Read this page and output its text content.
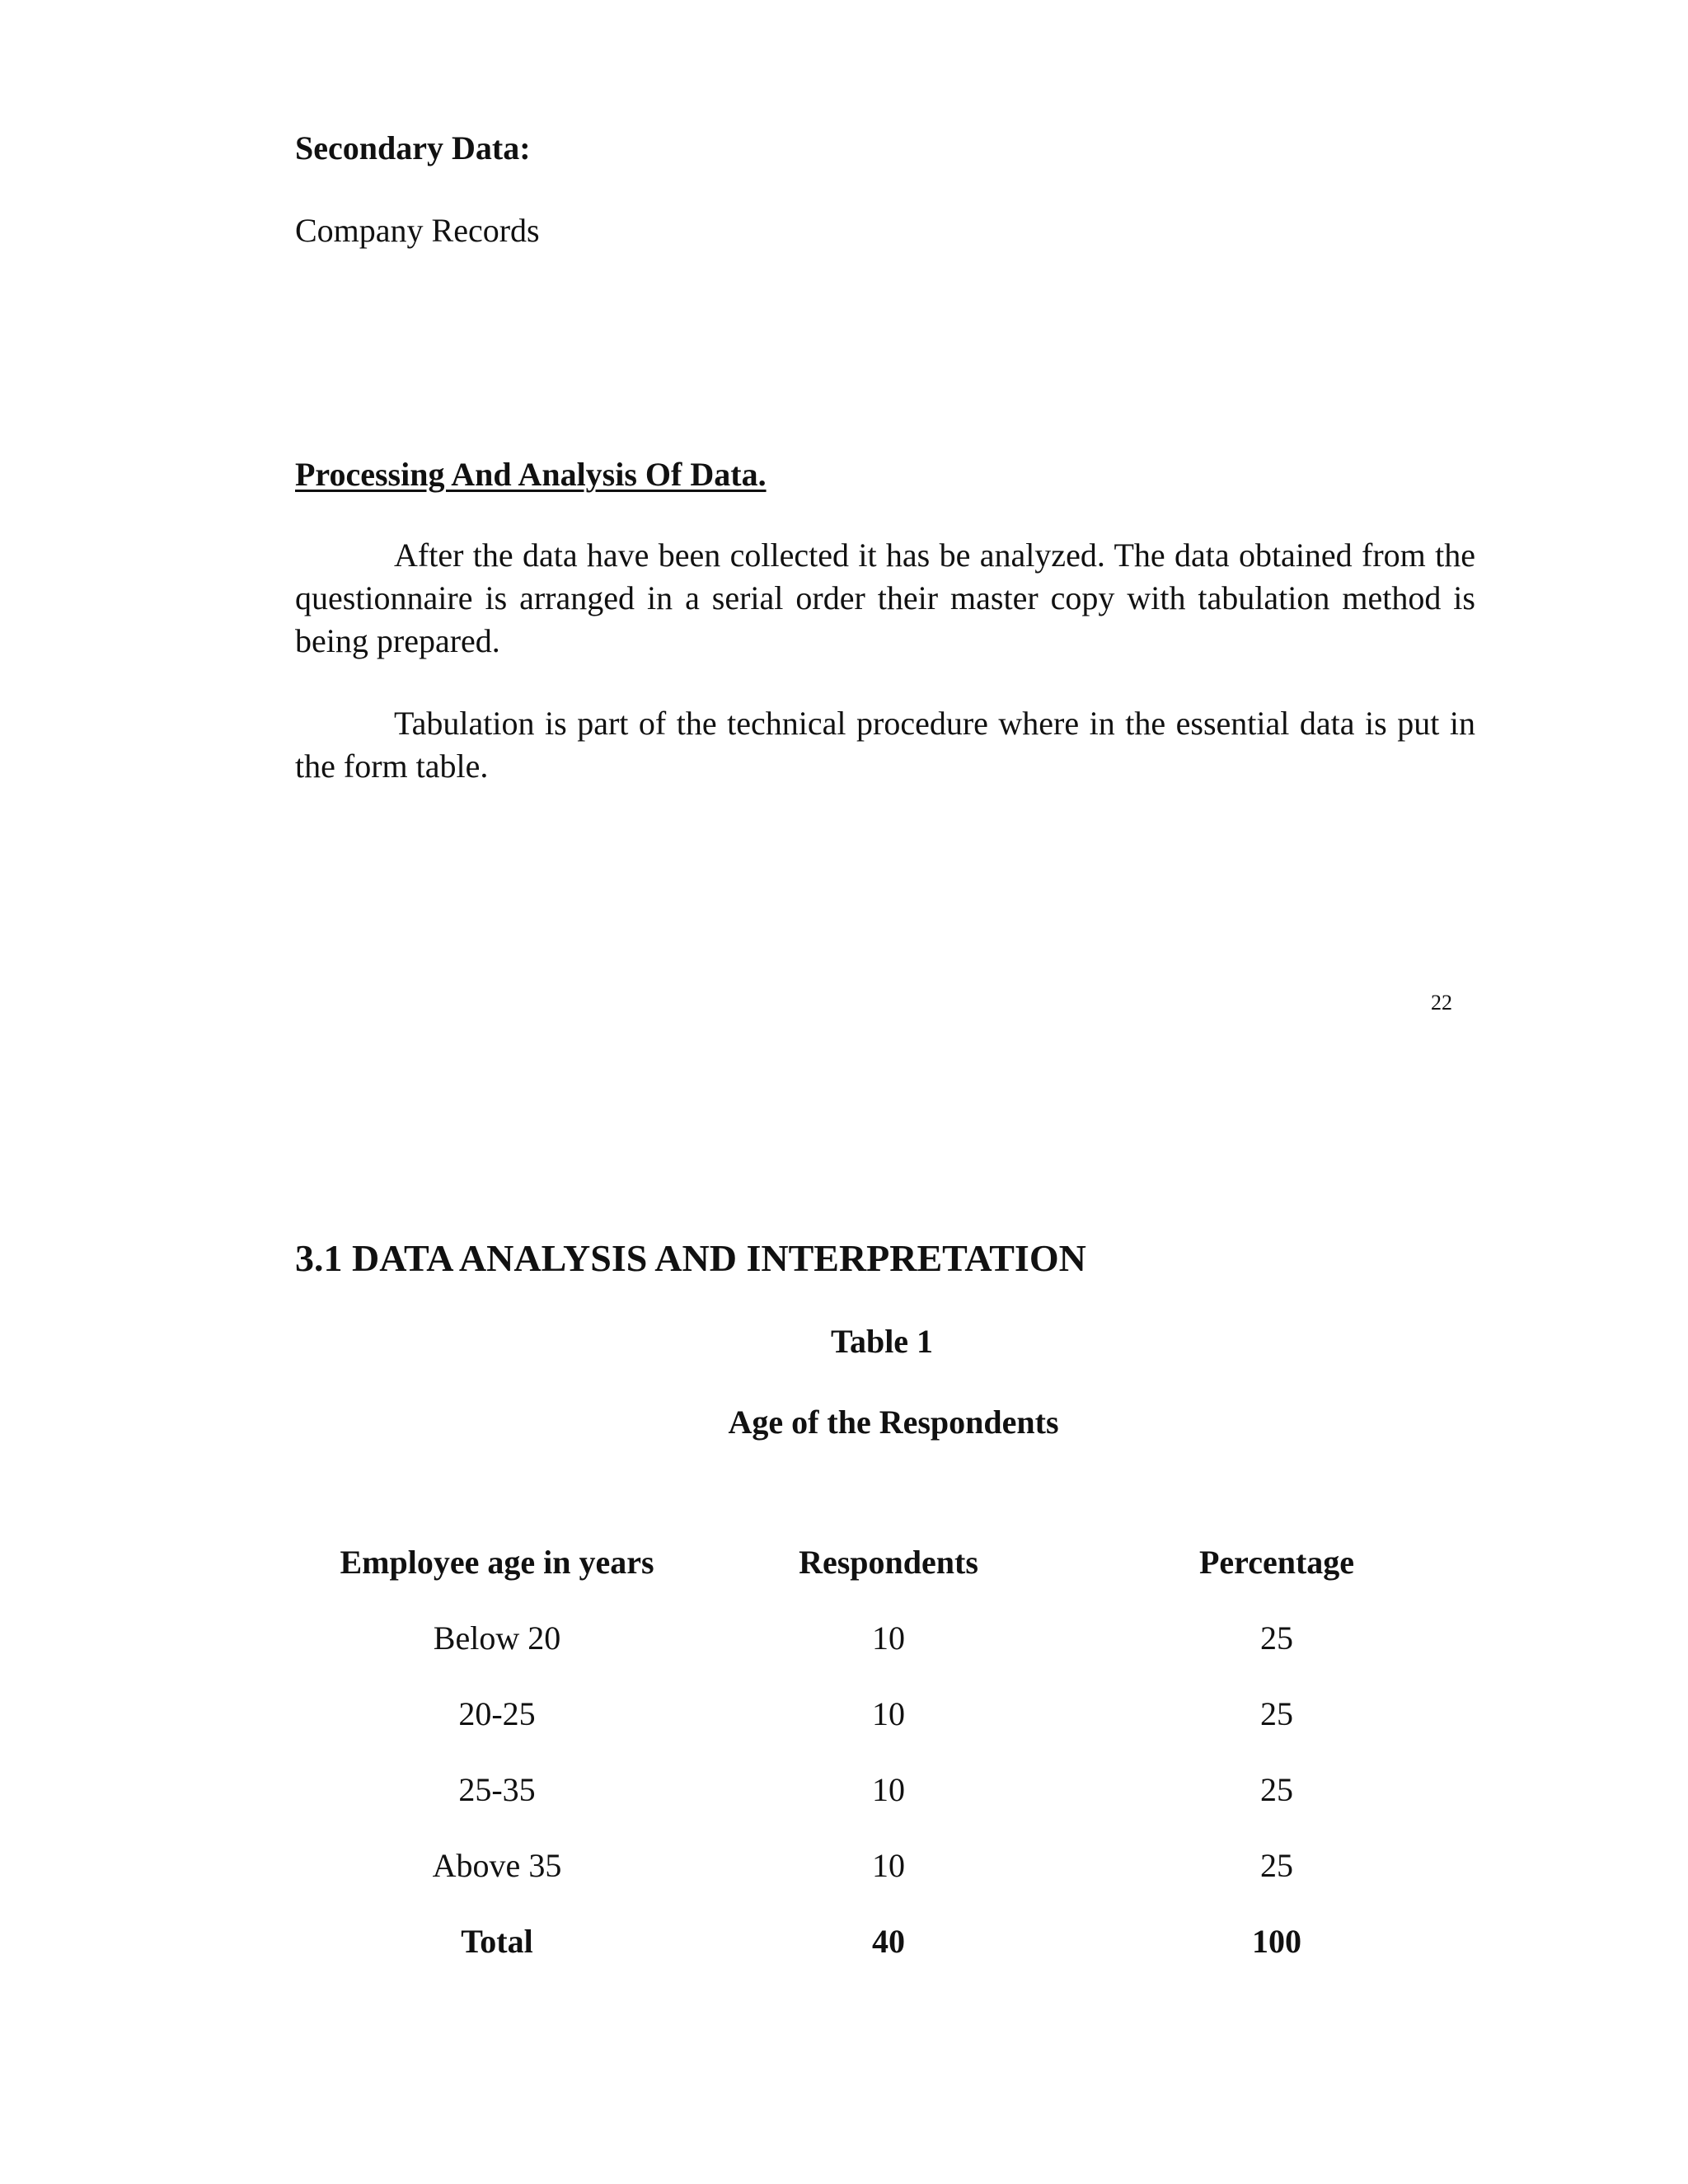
Secondary Data:

Company Records

Processing And Analysis Of Data.

After the data have been collected it has be analyzed. The data obtained from the questionnaire is arranged in a serial order their master copy with tabulation method is being prepared.

Tabulation is part of the technical procedure where in the essential data is put in the form table.

22

3.1 DATA ANALYSIS AND INTERPRETATION

Table 1

Age of the Respondents

Employee age in years	Respondents	Percentage
Below 20	10	25
20-25	10	25
25-35	10	25
Above 35	10	25
Total	40	100
